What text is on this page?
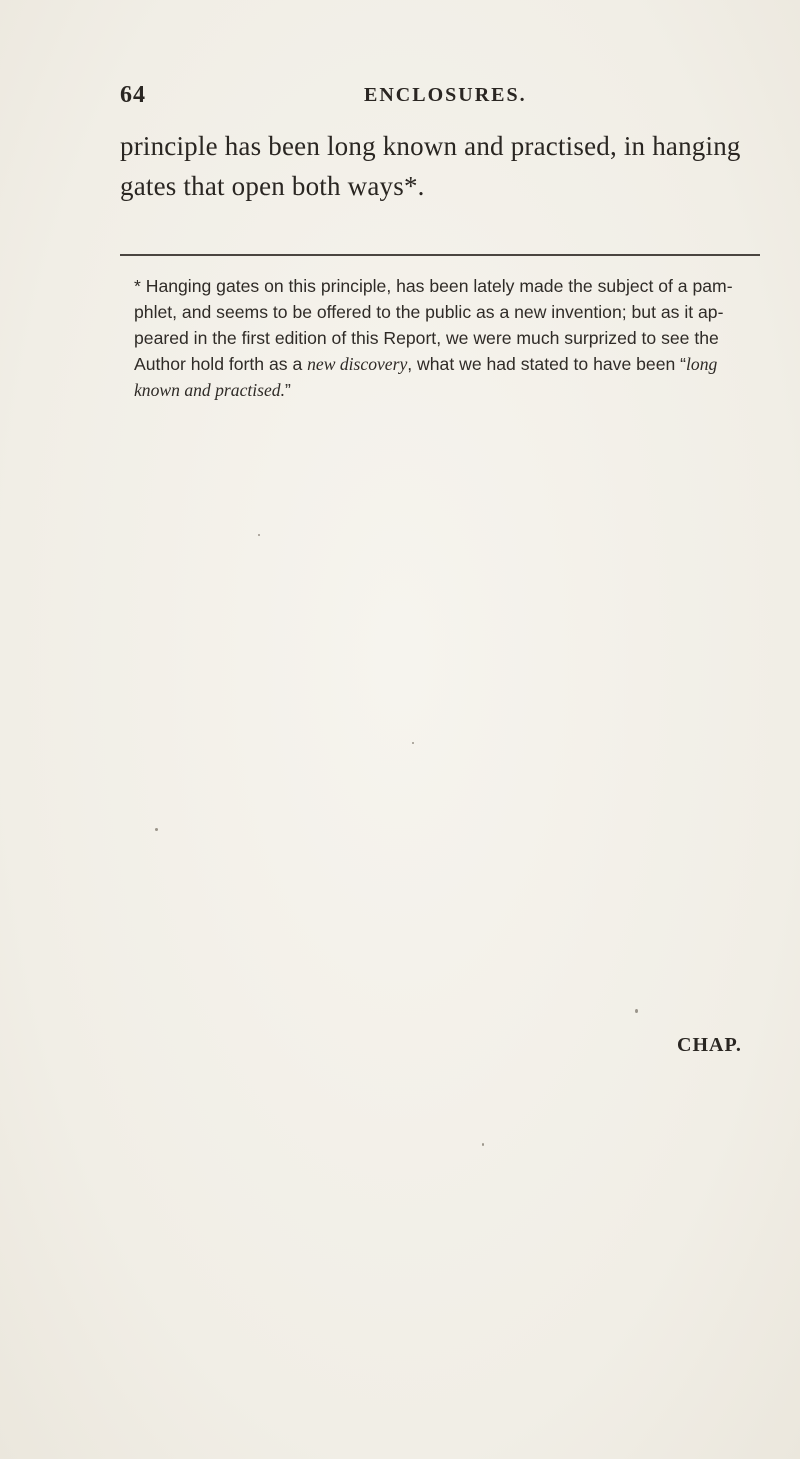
64	ENCLOSURES.

principle has been long known and practised, in hanging
gates that open both ways*.

* Hanging gates on this principle, has been lately made the subject of a pam-
phlet, and seems to be offered to the public as a new invention; but as it ap-
peared in the first edition of this Report, we were much surprized to see the
Author hold forth as a new discovery, what we had stated to have been “long
known and practised.”

CHAP.
